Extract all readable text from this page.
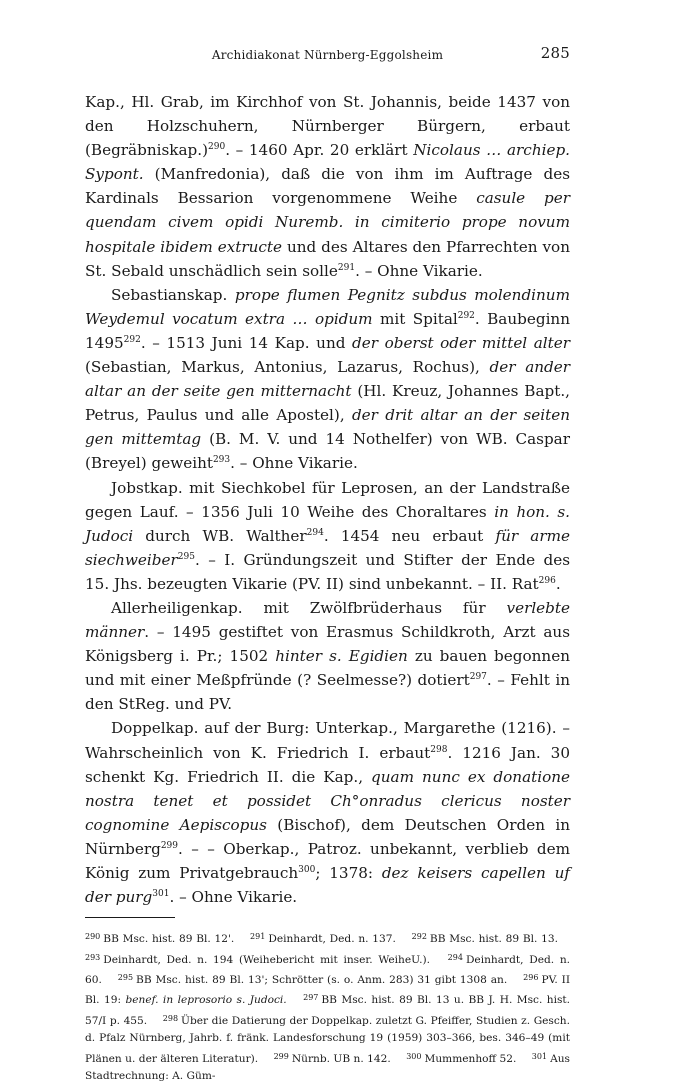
Archidiakonat Nürnberg-Eggolsheim	285

Kap., Hl. Grab, im Kirchhof von St. Johannis, beide 1437 von den Holzschuhern, Nürnberger Bürgern, erbaut (Begräbniskap.)$^{290}$. – 1460 Apr. 20 erklärt Nicolaus … archiep. Sypont. (Manfredonia), daß die von ihm im Auftrage des Kardinals Bessarion vorgenommene Weihe casule per quendam civem opidi Nuremb. in cimiterio prope novum hospitale ibidem extructe und des Altares den Pfarrechten von St. Sebald unschädlich sein solle$^{291}$. – Ohne Vikarie.

Sebastianskap. prope flumen Pegnitz subdus molendinum Weydemul vocatum extra … opidum mit Spital$^{292}$. Baubeginn 1495$^{292}$. – 1513 Juni 14 Kap. und der oberst oder mittel alter (Sebastian, Markus, Antonius, Lazarus, Rochus), der ander altar an der seite gen mitternacht (Hl. Kreuz, Johannes Bapt., Petrus, Paulus und alle Apostel), der drit altar an der seiten gen mittemtag (B. M. V. und 14 Nothelfer) von WB. Caspar (Breyel) geweiht$^{293}$. – Ohne Vikarie.

Jobstkap. mit Siechkobel für Leprosen, an der Landstraße gegen Lauf. – 1356 Juli 10 Weihe des Choraltares in hon. s. Judoci durch WB. Walther$^{294}$. 1454 neu erbaut für arme siechweiber$^{295}$. – I. Gründungszeit und Stifter der Ende des 15. Jhs. bezeugten Vikarie (PV. II) sind unbekannt. – II. Rat$^{296}$.

Allerheiligenkap. mit Zwölfbrüderhaus für verlebte männer. – 1495 gestiftet von Erasmus Schildkroth, Arzt aus Königsberg i. Pr.; 1502 hinter s. Egidien zu bauen begonnen und mit einer Meßpfründe (? Seelmesse?) dotiert$^{297}$. – Fehlt in den StReg. und PV.

Doppelkap. auf der Burg: Unterkap., Margarethe (1216). – Wahrscheinlich von K. Friedrich I. erbaut$^{298}$. 1216 Jan. 30 schenkt Kg. Friedrich II. die Kap., quam nunc ex donatione nostra tenet et possidet Ch°onradus clericus noster cognomine Aepiscopus (Bischof), dem Deutschen Orden in Nürnberg$^{299}$. – – Oberkap., Patroz. unbekannt, verblieb dem König zum Privatgebrauch$^{300}$; 1378: dez keisers capellen uf der purg$^{301}$. – Ohne Vikarie.

$^{290}$ BB Msc. hist. 89 Bl. 12'. $^{291}$ Deinhardt, Ded. n. 137. $^{292}$ BB Msc. hist. 89 Bl. 13. $^{293}$ Deinhardt, Ded. n. 194 (Weihebericht mit inser. WeiheU.). $^{294}$ Deinhardt, Ded. n. 60. $^{295}$ BB Msc. hist. 89 Bl. 13'; Schrötter (s. o. Anm. 283) 31 gibt 1308 an. $^{296}$ PV. II Bl. 19: benef. in leprosorio s. Judoci. $^{297}$ BB Msc. hist. 89 Bl. 13 u. BB J. H. Msc. hist. 57/I p. 455. $^{298}$ Über die Datierung der Doppelkap. zuletzt G. Pfeiffer, Studien z. Gesch. d. Pfalz Nürnberg, Jahrb. f. fränk. Landesforschung 19 (1959) 303–366, bes. 346–49 (mit Plänen u. der älteren Literatur). $^{299}$ Nürnb. UB n. 142. $^{300}$ Mummenhoff 52. $^{301}$ Aus Stadtrechnung: A. Güm-
